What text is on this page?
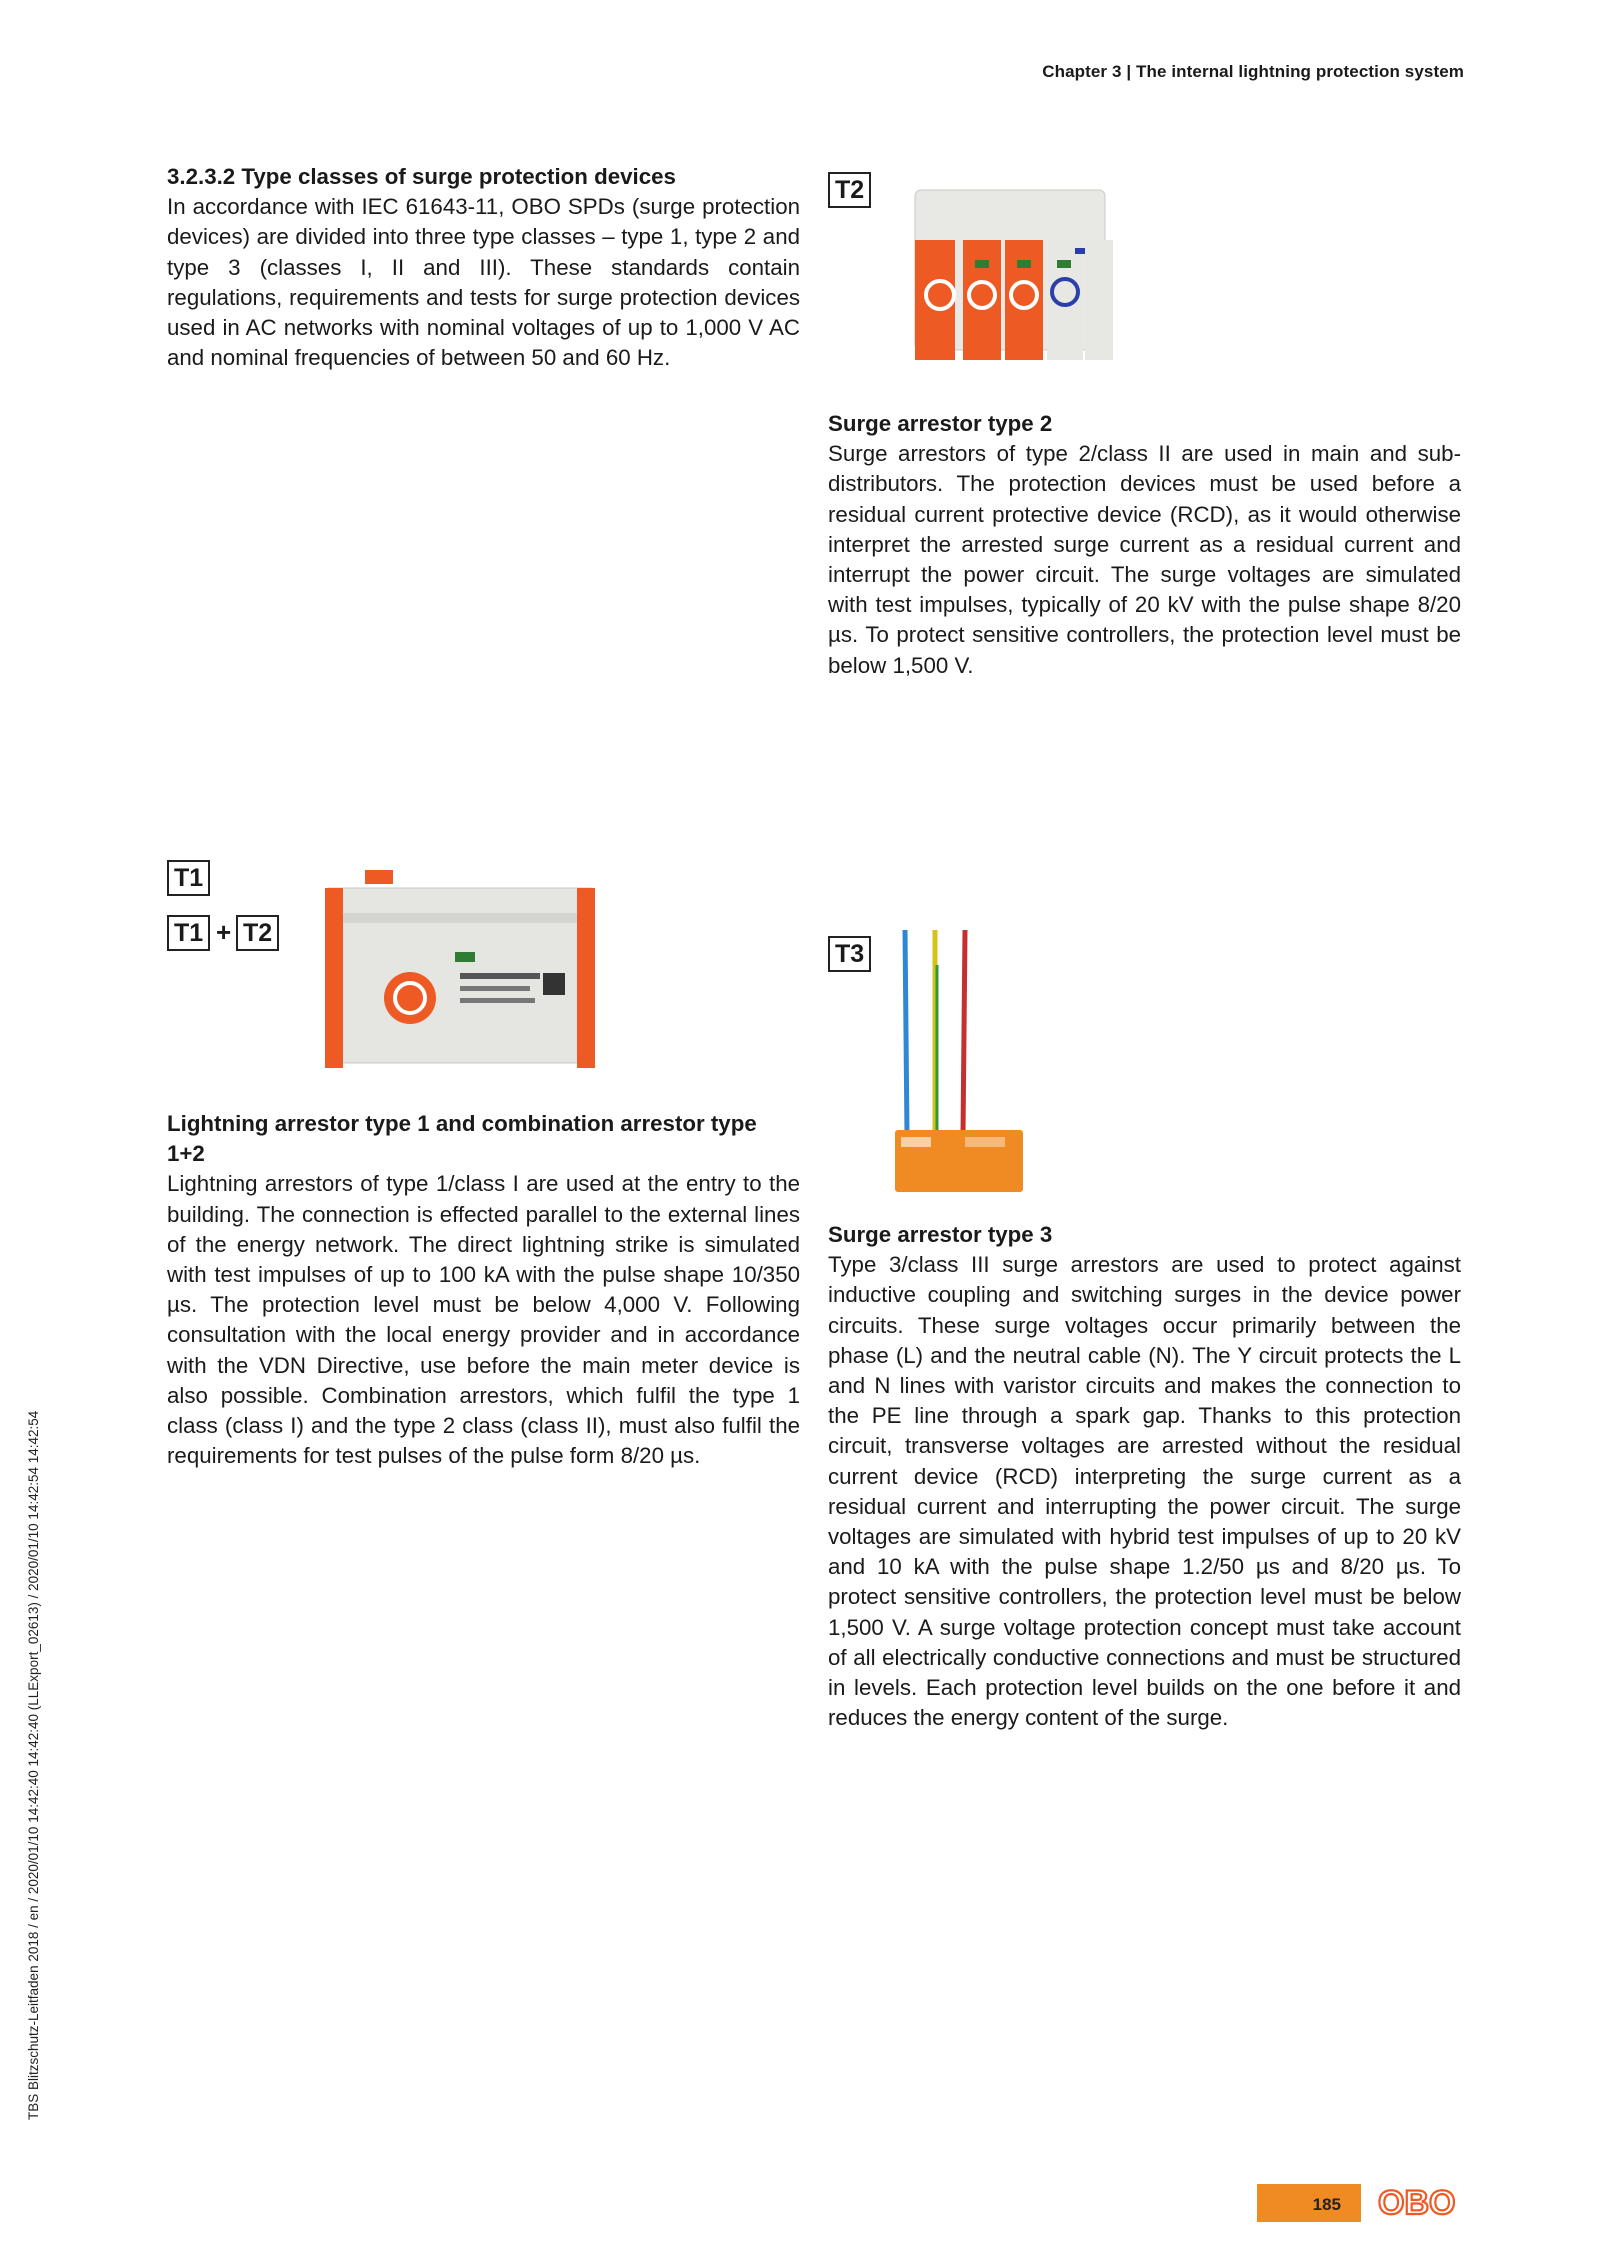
Chapter 3 | The internal lightning protection system
3.2.3.2 Type classes of surge protection devices

In accordance with IEC 61643-11, OBO SPDs (surge protection devices) are divided into three type classes – type 1, type 2 and type 3 (classes I, II and III). These standards contain regulations, requirements and tests for surge protection devices used in AC networks with nominal voltages of up to 1,000 V AC and nominal frequencies of between 50 and 60 Hz.

T2
Surge arrestor type 2

Surge arrestors of type 2/class II are used in main and sub-distributors. The protection devices must be used before a residual current protective device (RCD), as it would otherwise interpret the arrested surge current as a residual current and interrupt the power circuit. The surge voltages are simulated with test impulses, typically of 20 kV with the pulse shape 8/20 µs. To protect sensitive controllers, the protection level must be below 1,500 V.

T1
T1 + T2
Lightning arrestor type 1 and combination arrestor type 1+2

Lightning arrestors of type 1/class I are used at the entry to the building. The connection is effected parallel to the external lines of the energy network. The direct lightning strike is simulated with test impulses of up to 100 kA with the pulse shape 10/350 µs. The protection level must be below 4,000 V. Following consultation with the local energy provider and in accordance with the VDN Directive, use before the main meter device is also possible. Combination arrestors, which fulfil the type 1 class (class I) and the type 2 class (class II), must also fulfil the requirements for test pulses of the pulse form 8/20 µs.

T3
Surge arrestor type 3

Type 3/class III surge arrestors are used to protect against inductive coupling and switching surges in the device power circuits. These surge voltages occur primarily between the phase (L) and the neutral cable (N). The Y circuit protects the L and N lines with varistor circuits and makes the connection to the PE line through a spark gap. Thanks to this protection circuit, transverse voltages are arrested without the residual current device (RCD) interpreting the surge current as a residual current and interrupting the power circuit. The surge voltages are simulated with hybrid test impulses of up to 20 kV and 10 kA with the pulse shape 1.2/50 µs and 8/20 µs. To protect sensitive controllers, the protection level must be below 1,500 V. A surge voltage protection concept must take account of all electrically conductive connections and must be structured in levels. Each protection level builds on the one before it and reduces the energy content of the surge.

TBS Blitzschutz-Leitfaden 2018 / en / 2020/01/10 14:42:40 14:42:40 (LLExport_02613) / 2020/01/10 14:42:54 14:42:54
185	OBO
